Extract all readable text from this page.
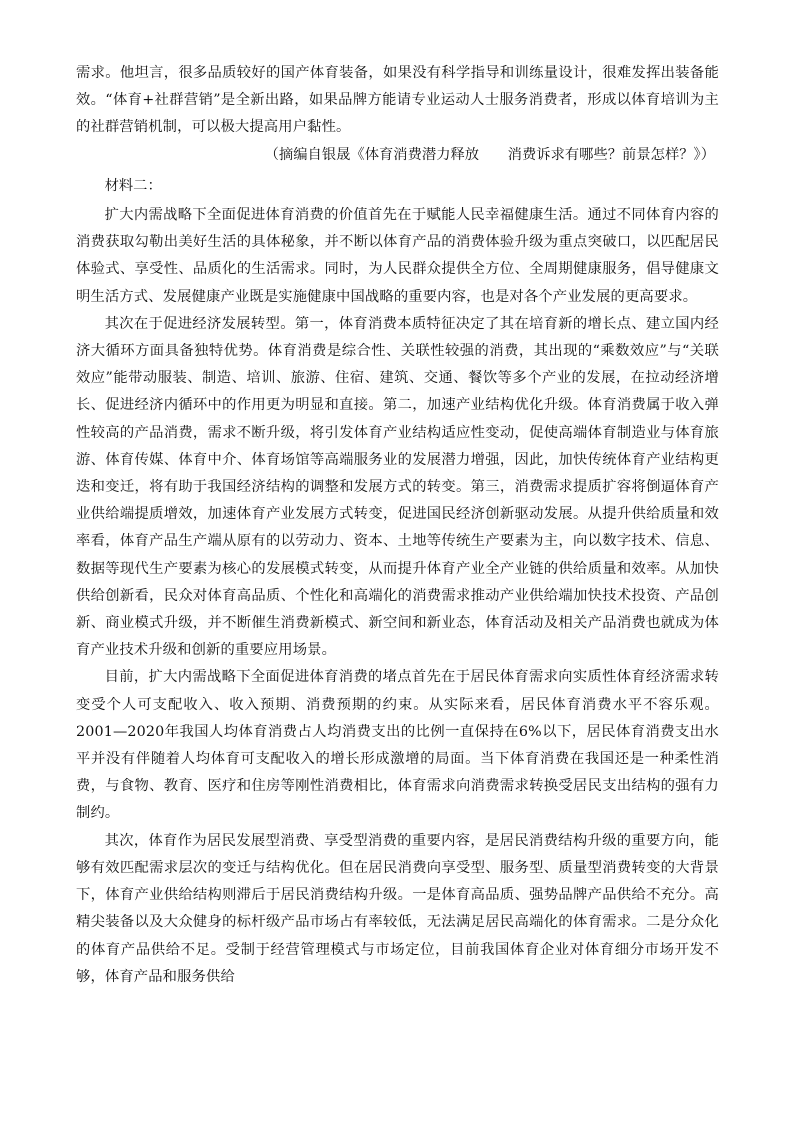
需求。他坦言，很多品质较好的国产体育装备，如果没有科学指导和训练量设计，很难发挥出装备能效。“体育+社群营销”是全新出路，如果品牌方能请专业运动人士服务消费者，形成以体育培训为主的社群营销机制，可以极大提高用户黏性。

（摘编自银晟《体育消费潜力释放　　消费诉求有哪些？前景怎样？》）

材料二：

扩大内需战略下全面促进体育消费的价值首先在于赋能人民幸福健康生活。通过不同体育内容的消费获取勾勒出美好生活的具体秘象，并不断以体育产品的消费体验升级为重点突破口，以匹配居民体验式、享受性、品质化的生活需求。同时，为人民群众提供全方位、全周期健康服务，倡导健康文明生活方式、发展健康产业既是实施健康中国战略的重要内容，也是对各个产业发展的更高要求。

其次在于促进经济发展转型。第一，体育消费本质特征决定了其在培育新的增长点、建立国内经济大循环方面具备独特优势。体育消费是综合性、关联性较强的消费，其出现的“乘数效应”与“关联效应”能带动服装、制造、培训、旅游、住宿、建筑、交通、餐饮等多个产业的发展，在拉动经济增长、促进经济内循环中的作用更为明显和直接。第二，加速产业结构优化升级。体育消费属于收入弹性较高的产品消费，需求不断升级，将引发体育产业结构适应性变动，促使高端体育制造业与体育旅游、体育传媒、体育中介、体育场馆等高端服务业的发展潜力增强，因此，加快传统体育产业结构更迭和变迁，将有助于我国经济结构的调整和发展方式的转变。第三，消费需求提质扩容将倒逼体育产业供给端提质增效，加速体育产业发展方式转变，促进国民经济创新驱动发展。从提升供给质量和效率看，体育产品生产端从原有的以劳动力、资本、土地等传统生产要素为主，向以数字技术、信息、数据等现代生产要素为核心的发展模式转变，从而提升体育产业全产业链的供给质量和效率。从加快供给创新看，民众对体育高品质、个性化和高端化的消费需求推动产业供给端加快技术投资、产品创新、商业模式升级，并不断催生消费新模式、新空间和新业态，体育活动及相关产品消费也就成为体育产业技术升级和创新的重要应用场景。

目前，扩大内需战略下全面促进体育消费的堵点首先在于居民体育需求向实质性体育经济需求转变受个人可支配收入、收入预期、消费预期的约束。从实际来看，居民体育消费水平不容乐观。2001—2020年我国人均体育消费占人均消费支出的比例一直保持在6%以下，居民体育消费支出水平并没有伴随着人均体育可支配收入的增长形成激增的局面。当下体育消费在我国还是一种柔性消费，与食物、教育、医疗和住房等刚性消费相比，体育需求向消费需求转换受居民支出结构的强有力制约。

其次，体育作为居民发展型消费、享受型消费的重要内容，是居民消费结构升级的重要方向，能够有效匹配需求层次的变迁与结构优化。但在居民消费向享受型、服务型、质量型消费转变的大背景下，体育产业供给结构则滞后于居民消费结构升级。一是体育高品质、强势品牌产品供给不充分。高精尖装备以及大众健身的标杆级产品市场占有率较低，无法满足居民高端化的体育需求。二是分众化的体育产品供给不足。受制于经营管理模式与市场定位，目前我国体育企业对体育细分市场开发不够，体育产品和服务供给
